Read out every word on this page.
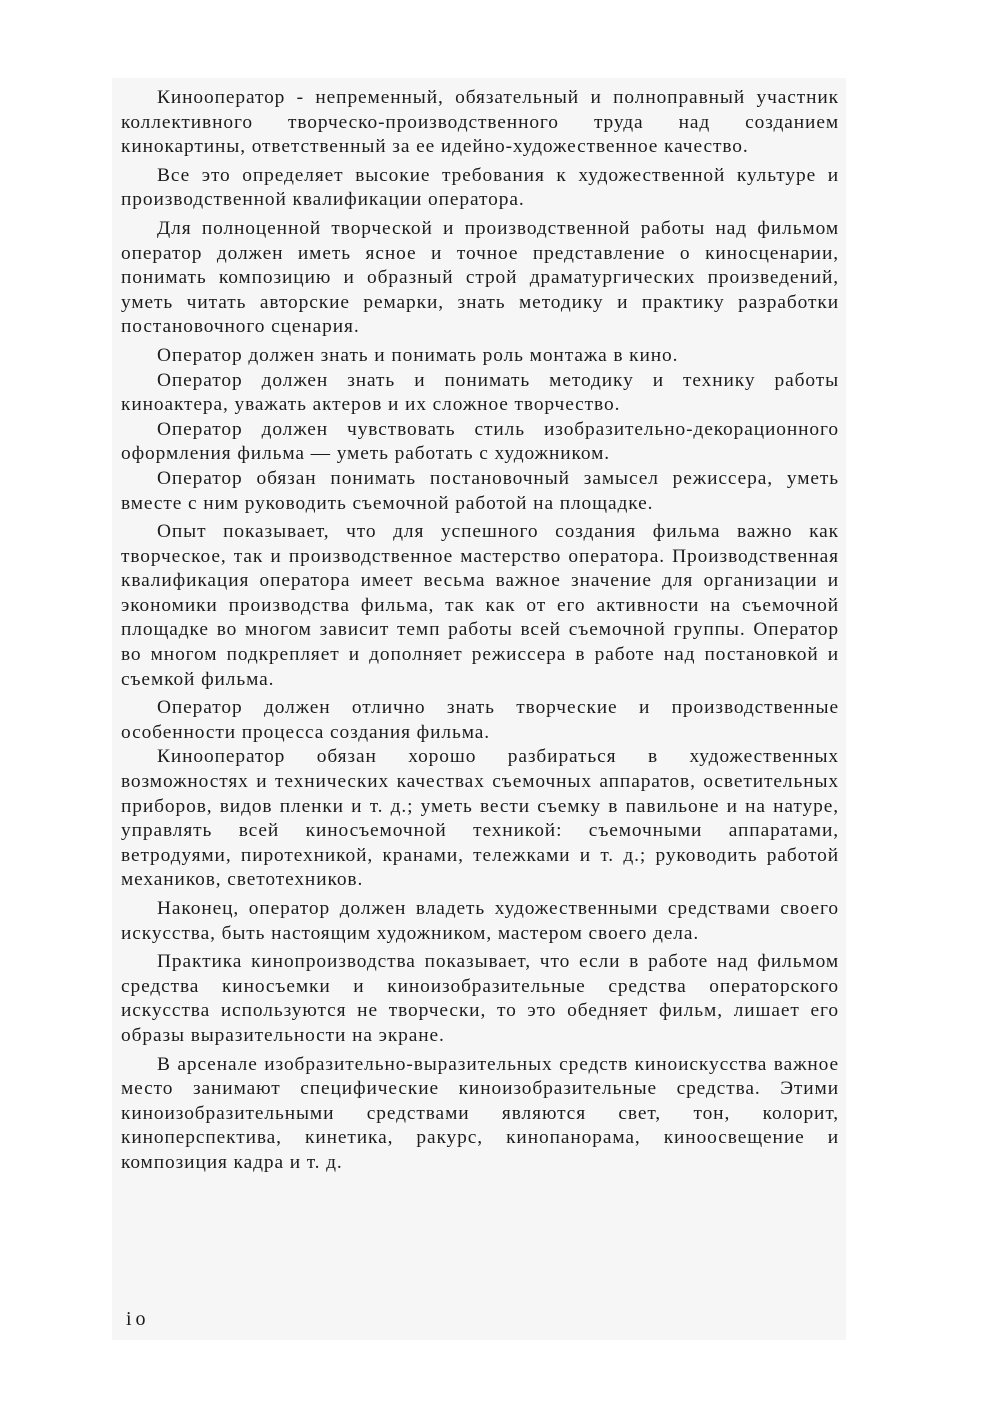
Кинооператор - непременный, обязательный и полноправный участник коллективного творческо-производственного труда над созданием кинокартины, ответственный за ее идейно-художественное качество.

Все это определяет высокие требования к художественной культуре и производственной квалификации оператора.

Для полноценной творческой и производственной работы над фильмом оператор должен иметь ясное и точное представление о киносценарии, понимать композицию и образный строй драматургических произведений, уметь читать авторские ремарки, знать методику и практику разработки постановочного сценария.

Оператор должен знать и понимать роль монтажа в кино.

Оператор должен знать и понимать методику и технику работы киноактера, уважать актеров и их сложное творчество.

Оператор должен чувствовать стиль изобразительно-декорационного оформления фильма — уметь работать с художником.

Оператор обязан понимать постановочный замысел режиссера, уметь вместе с ним руководить съемочной работой на площадке.

Опыт показывает, что для успешного создания фильма важно как творческое, так и производственное мастерство оператора. Производственная квалификация оператора имеет весьма важное значение для организации и экономики производства фильма, так как от его активности на съемочной площадке во многом зависит темп работы всей съемочной группы. Оператор во многом подкрепляет и дополняет режиссера в работе над постановкой и съемкой фильма.

Оператор должен отлично знать творческие и производственные особенности процесса создания фильма.

Кинооператор обязан хорошо разбираться в художественных возможностях и технических качествах съемочных аппаратов, осветительных приборов, видов пленки и т. д.; уметь вести съемку в павильоне и на натуре, управлять всей киносъемочной техникой: съемочными аппаратами, ветродуями, пиротехникой, кранами, тележками и т. д.; руководить работой механиков, светотехников.

Наконец, оператор должен владеть художественными средствами своего искусства, быть настоящим художником, мастером своего дела.

Практика кинопроизводства показывает, что если в работе над фильмом средства киносъемки и киноизобразительные средства операторского искусства используются не творчески, то это обедняет фильм, лишает его образы выразительности на экране.

В арсенале изобразительно-выразительных средств киноискусства важное место занимают специфические киноизобразительные средства. Этими киноизобразительными средствами являются свет, тон, колорит, киноперспектива, кинетика, ракурс, кинопанорама, киноосвещение и композиция кадра и т. д.

io
